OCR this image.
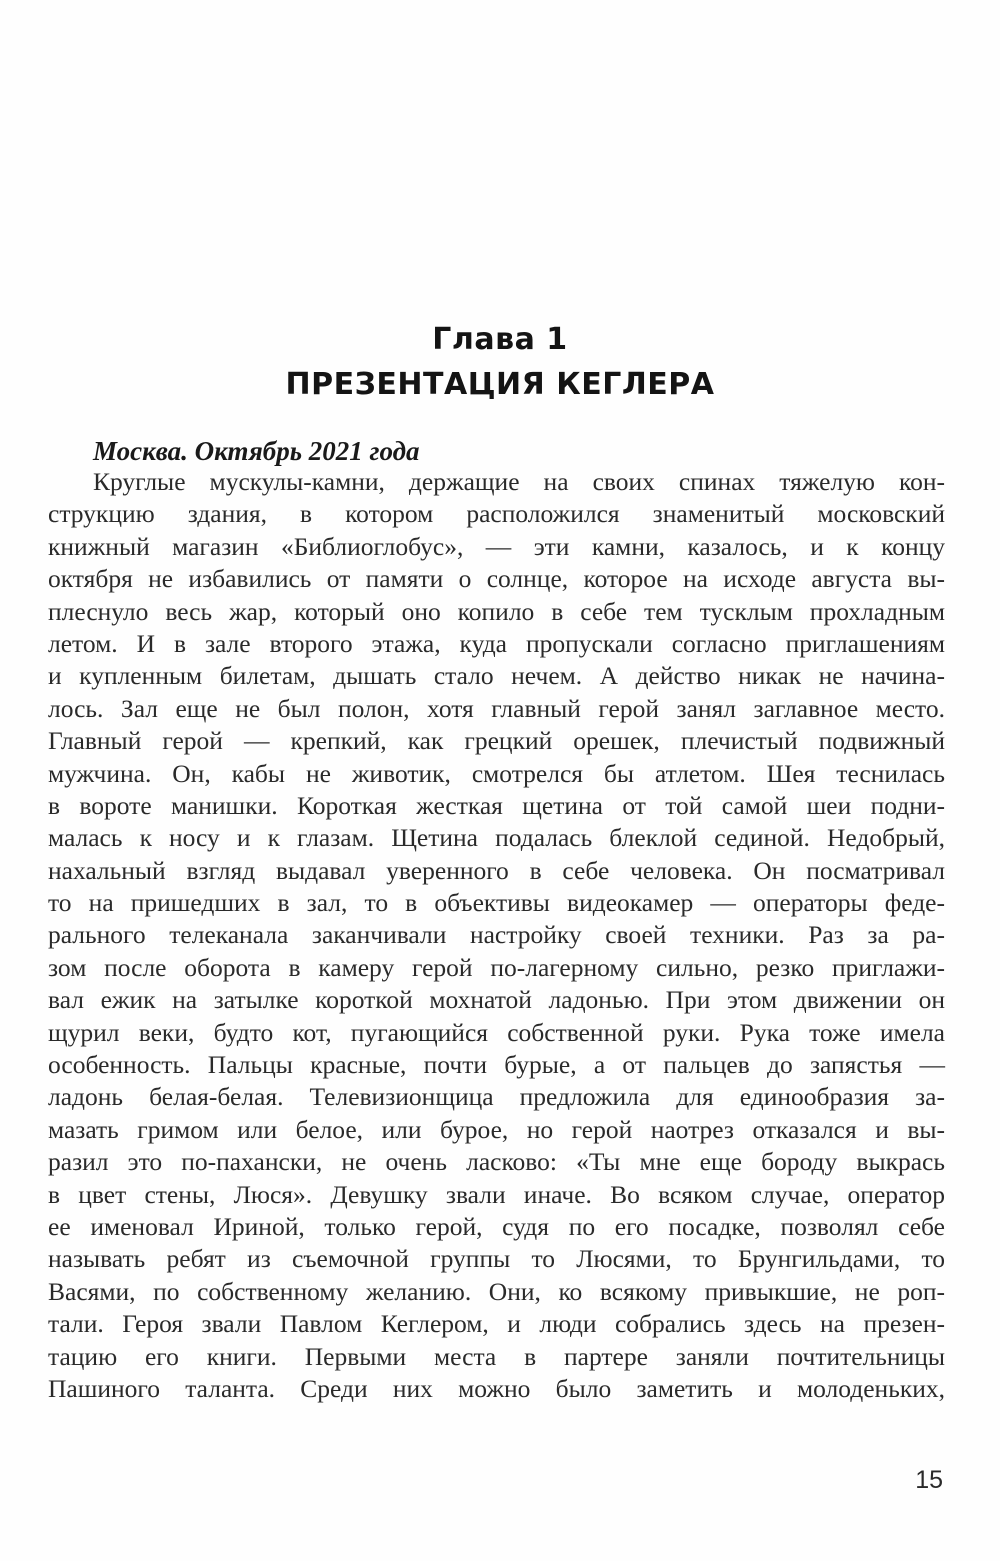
Глава 1
ПРЕЗЕНТАЦИЯ КЕГЛЕРА
Москва. Октябрь 2021 года
Круглые мускулы-камни, держащие на своих спинах тяжелую кон-
струкцию здания, в котором расположился знаменитый московский
книжный магазин «Библиоглобус», — эти камни, казалось, и к концу
октября не избавились от памяти о солнце, которое на исходе августа вы-
плеснуло весь жар, который оно копило в себе тем тусклым прохладным
летом. И в зале второго этажа, куда пропускали согласно приглашениям
и купленным билетам, дышать стало нечем. А действо никак не начина-
лось. Зал еще не был полон, хотя главный герой занял заглавное место.
Главный герой — крепкий, как грецкий орешек, плечистый подвижный
мужчина. Он, кабы не животик, смотрелся бы атлетом. Шея теснилась
в вороте манишки. Короткая жесткая щетина от той самой шеи подни-
малась к носу и к глазам. Щетина подалась блеклой сединой. Недобрый,
нахальный взгляд выдавал уверенного в себе человека. Он посматривал
то на пришедших в зал, то в объективы видеокамер — операторы феде-
рального телеканала заканчивали настройку своей техники. Раз за ра-
зом после оборота в камеру герой по-лагерному сильно, резко приглажи-
вал ежик на затылке короткой мохнатой ладонью. При этом движении он
щурил веки, будто кот, пугающийся собственной руки. Рука тоже имела
особенность. Пальцы красные, почти бурые, а от пальцев до запястья —
ладонь белая-белая. Телевизионщица предложила для единообразия за-
мазать гримом или белое, или бурое, но герой наотрез отказался и вы-
разил это по-пахански, не очень ласково: «Ты мне еще бороду выкрась
в цвет стены, Люся». Девушку звали иначе. Во всяком случае, оператор
ее именовал Ириной, только герой, судя по его посадке, позволял себе
называть ребят из съемочной группы то Люсями, то Брунгильдами, то
Васями, по собственному желанию. Они, ко всякому привыкшие, не роп-
тали. Героя звали Павлом Кеглером, и люди собрались здесь на презен-
тацию его книги. Первыми места в партере заняли почтительницы
Пашиного таланта. Среди них можно было заметить и молоденьких,
15
